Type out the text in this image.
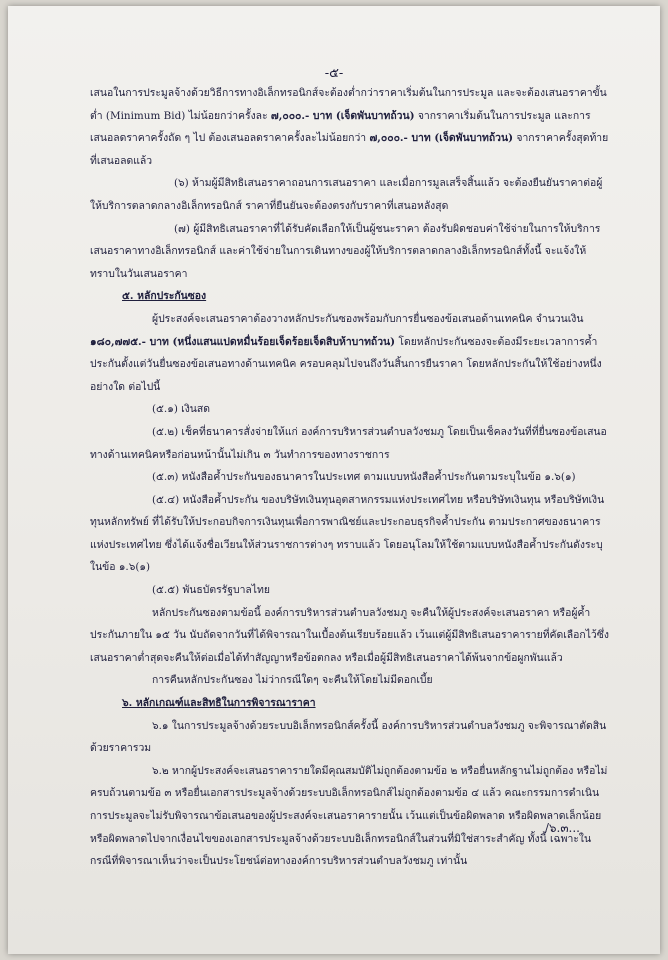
-๕-

เสนอในการประมูลจ้างด้วยวิธีการทางอิเล็กทรอนิกส์จะต้องต่ำกว่าราคาเริ่มต้นในการประมูล และจะต้องเสนอราคาขั้นต่ำ (Minimum Bid) ไม่น้อยกว่าครั้งละ ๗,๐๐๐.- บาท (เจ็ดพันบาทถ้วน) จากราคาเริ่มต้นในการประมูล และการเสนอลดราคาครั้งถัด ๆ ไป ต้องเสนอลดราคาครั้งละไม่น้อยกว่า ๗,๐๐๐.- บาท (เจ็ดพันบาทถ้วน) จากราคาครั้งสุดท้ายที่เสนอลดแล้ว

(๖) ห้ามผู้มีสิทธิเสนอราคาถอนการเสนอราคา และเมื่อการมูลเสร็จสิ้นแล้ว จะต้องยืนยันราคาต่อผู้ให้บริการตลาดกลางอิเล็กทรอนิกส์ ราคาที่ยืนยันจะต้องตรงกับราคาที่เสนอหลังสุด

(๗) ผู้มีสิทธิเสนอราคาที่ได้รับคัดเลือกให้เป็นผู้ชนะราคา ต้องรับผิดชอบค่าใช้จ่ายในการให้บริการเสนอราคาทางอิเล็กทรอนิกส์ และค่าใช้จ่ายในการเดินทางของผู้ให้บริการตลาดกลางอิเล็กทรอนิกส์ทั้งนี้ จะแจ้งให้ทราบในวันเสนอราคา

๕. หลักประกันซอง

ผู้ประสงค์จะเสนอราคาต้องวางหลักประกันซองพร้อมกับการยื่นซองข้อเสนอด้านเทคนิค จำนวนเงิน ๑๘๐,๗๗๕.- บาท (หนึ่งแสนแปดหมื่นร้อยเจ็ดร้อยเจ็ดสิบห้าบาทถ้วน) โดยหลักประกันซองจะต้องมีระยะเวลาการค้ำประกันตั้งแต่วันยื่นซองข้อเสนอทางด้านเทคนิค ครอบคลุมไปจนถึงวันสิ้นการยืนราคา โดยหลักประกันให้ใช้อย่างหนึ่งอย่างใด ต่อไปนี้

(๕.๑) เงินสด

(๕.๒) เช็คที่ธนาคารสั่งจ่ายให้แก่ องค์การบริหารส่วนตำบลวังชมภู โดยเป็นเช็คลงวันที่ที่ยื่นซองข้อเสนอทางด้านเทคนิคหรือก่อนหน้านั้นไม่เกิน ๓ วันทำการของทางราชการ

(๕.๓) หนังสือค้ำประกันของธนาคารในประเทศ ตามแบบหนังสือค้ำประกันตามระบุในข้อ ๑.๖(๑)

(๕.๔) หนังสือค้ำประกัน ของบริษัทเงินทุนอุตสาหกรรมแห่งประเทศไทย หรือบริษัทเงินทุน หรือบริษัทเงินทุนหลักทรัพย์ ที่ได้รับให้ประกอบกิจการเงินทุนเพื่อการพาณิชย์และประกอบธุรกิจค้ำประกัน ตามประกาศของธนาคารแห่งประเทศไทย ซึ่งได้แจ้งชื่อเวียนให้ส่วนราชการต่างๆ ทราบแล้ว โดยอนุโลมให้ใช้ตามแบบหนังสือค้ำประกันดังระบุในข้อ ๑.๖(๑)

(๕.๕) พันธบัตรรัฐบาลไทย

หลักประกันซองตามข้อนี้ องค์การบริหารส่วนตำบลวังชมภู จะคืนให้ผู้ประสงค์จะเสนอราคา หรือผู้ค้ำประกันภายใน ๑๕ วัน นับถัดจากวันที่ได้พิจารณาในเบื้องต้นเรียบร้อยแล้ว เว้นแต่ผู้มีสิทธิเสนอราคารายที่คัดเลือกไว้ซึ่งเสนอราคาต่ำสุดจะคืนให้ต่อเมื่อได้ทำสัญญาหรือข้อตกลง หรือเมื่อผู้มีสิทธิเสนอราคาได้พ้นจากข้อผูกพันแล้ว

การคืนหลักประกันซอง ไม่ว่ากรณีใดๆ จะคืนให้โดยไม่มีดอกเบี้ย

๖. หลักเกณฑ์และสิทธิในการพิจารณาราคา

๖.๑ ในการประมูลจ้างด้วยระบบอิเล็กทรอนิกส์ครั้งนี้ องค์การบริหารส่วนตำบลวังชมภู จะพิจารณาตัดสินด้วยราคารวม

๖.๒ หากผู้ประสงค์จะเสนอราคารายใดมีคุณสมบัติไม่ถูกต้องตามข้อ ๒ หรือยื่นหลักฐานไม่ถูกต้อง หรือไม่ ครบถ้วนตามข้อ ๓ หรือยื่นเอกสารประมูลจ้างด้วยระบบอิเล็กทรอนิกส์ไม่ถูกต้องตามข้อ ๔ แล้ว คณะกรรมการดำเนินการประมูลจะไม่รับพิจารณาข้อเสนอของผู้ประสงค์จะเสนอราคารายนั้น เว้นแต่เป็นข้อผิดพลาด หรือผิดพลาดเล็กน้อย หรือผิดพลาดไปจากเงื่อนไขของเอกสารประมูลจ้างด้วยระบบอิเล็กทรอนิกส์ในส่วนที่มิใช่สาระสำคัญ ทั้งนี้ เฉพาะในกรณีที่พิจารณาเห็นว่าจะเป็นประโยชน์ต่อทางองค์การบริหารส่วนตำบลวังชมภู เท่านั้น

/๖.๓...
